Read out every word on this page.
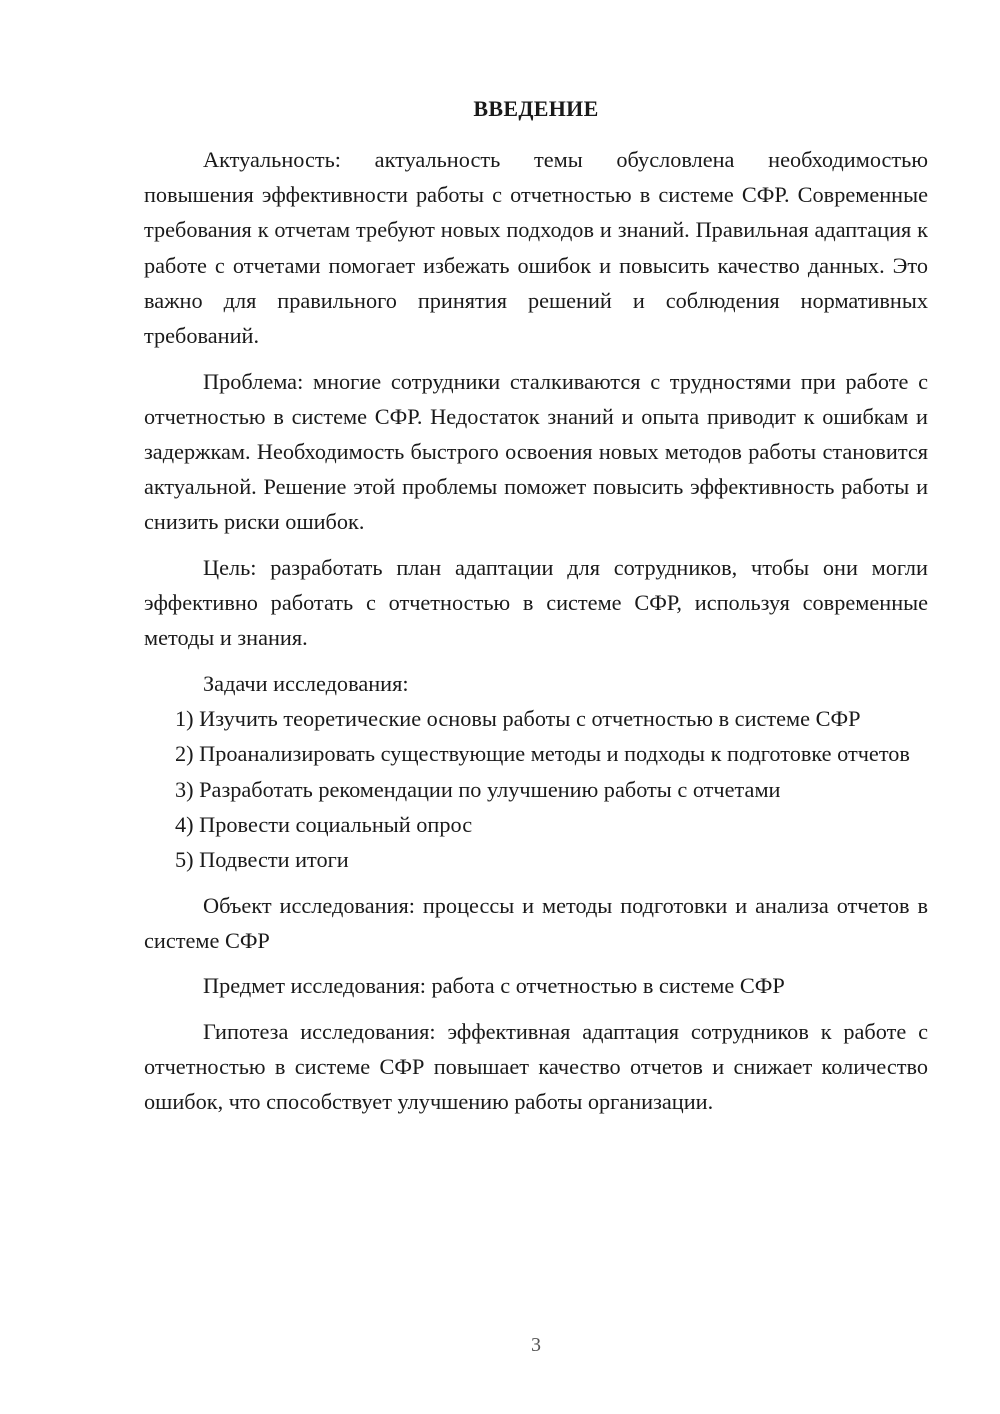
ВВЕДЕНИЕ

Актуальность: актуальность темы обусловлена необходимостью повышения эффективности работы с отчетностью в системе СФР. Современные требования к отчетам требуют новых подходов и знаний. Правильная адаптация к работе с отчетами помогает избежать ошибок и повысить качество данных. Это важно для правильного принятия решений и соблюдения нормативных требований.

Проблема: многие сотрудники сталкиваются с трудностями при работе с отчетностью в системе СФР. Недостаток знаний и опыта приводит к ошибкам и задержкам. Необходимость быстрого освоения новых методов работы становится актуальной. Решение этой проблемы поможет повысить эффективность работы и снизить риски ошибок.

Цель: разработать план адаптации для сотрудников, чтобы они могли эффективно работать с отчетностью в системе СФР, используя современные методы и знания.

Задачи исследования:

1) Изучить теоретические основы работы с отчетностью в системе СФР

2) Проанализировать существующие методы и подходы к подготовке отчетов

3) Разработать рекомендации по улучшению работы с отчетами

4) Провести социальный опрос

5) Подвести итоги

Объект исследования: процессы и методы подготовки и анализа отчетов в системе СФР

Предмет исследования: работа с отчетностью в системе СФР

Гипотеза исследования: эффективная адаптация сотрудников к работе с отчетностью в системе СФР повышает качество отчетов и снижает количество ошибок, что способствует улучшению работы организации.

3
